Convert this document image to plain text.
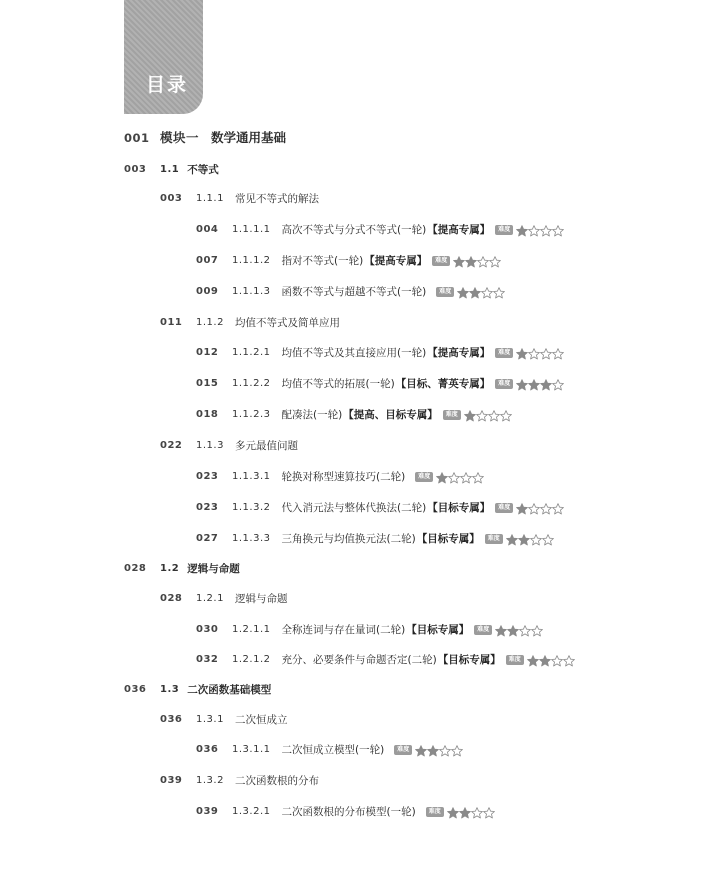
目录
001 模块一 数学通用基础
003 1.1 不等式
003 1.1.1 常见不等式的解法
004 1.1.1.1 高次不等式与分式不等式(一轮) 【提高专属】	难度
007 1.1.1.2 指对不等式(一轮) 【提高专属】	难度
009 1.1.1.3 函数不等式与超越不等式(一轮)	难度
011 1.1.2 均值不等式及简单应用
012 1.1.2.1 均值不等式及其直接应用(一轮) 【提高专属】	难度
015 1.1.2.2 均值不等式的拓展(一轮) 【目标、菁英专属】	难度
018 1.1.2.3 配凑法(一轮) 【提高、目标专属】	难度
022 1.1.3 多元最值问题
023 1.1.3.1 轮换对称型速算技巧(二轮)	难度
023 1.1.3.2 代入消元法与整体代换法(二轮) 【目标专属】	难度
027 1.1.3.3 三角换元与均值换元法(二轮) 【目标专属】	难度
028 1.2 逻辑与命题
028 1.2.1 逻辑与命题
030 1.2.1.1 全称连词与存在量词(二轮) 【目标专属】	难度
032 1.2.1.2 充分、必要条件与命题否定(二轮) 【目标专属】	难度
036 1.3 二次函数基础模型
036 1.3.1 二次恒成立
036 1.3.1.1 二次恒成立模型(一轮)	难度
039 1.3.2 二次函数根的分布
039 1.3.2.1 二次函数根的分布模型(一轮)	难度
